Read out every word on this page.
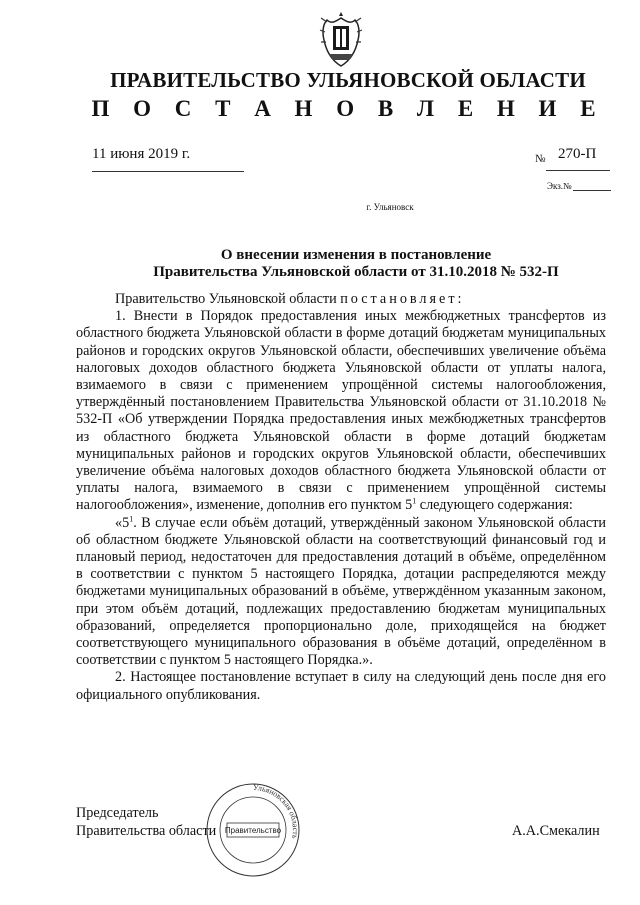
ПРАВИТЕЛЬСТВО УЛЬЯНОВСКОЙ ОБЛАСТИ
П О С Т А Н О В Л Е Н И Е
11 июня 2019 г.	№ 270-П
Экз.№
г. Ульяновск
О внесении изменения в постановление
Правительства Ульяновской области от 31.10.2018 № 532-П

Правительство Ульяновской области постановляет:

1. Внести в Порядок предоставления иных межбюджетных трансфертов из областного бюджета Ульяновской области в форме дотаций бюджетам муниципальных районов и городских округов Ульяновской области, обеспечивших увеличение объёма налоговых доходов областного бюджета Ульяновской области от уплаты налога, взимаемого в связи с применением упрощённой системы налогообложения, утверждённый постановлением Правительства Ульяновской области от 31.10.2018 № 532-П «Об утверждении Порядка предоставления иных межбюджетных трансфертов из областного бюджета Ульяновской области в форме дотаций бюджетам муниципальных районов и городских округов Ульяновской области, обеспечивших увеличение объёма налоговых доходов областного бюджета Ульяновской области от уплаты налога, взимаемого в связи с применением упрощённой системы налогообложения», изменение, дополнив его пунктом $5^1$ следующего содержания:

«$5^1$. В случае если объём дотаций, утверждённый законом Ульяновской области об областном бюджете Ульяновской области на соответствующий финансовый год и плановый период, недостаточен для предоставления дотаций в объёме, определённом в соответствии с пунктом 5 настоящего Порядка, дотации распределяются между бюджетами муниципальных образований в объёме, утверждённом указанным законом, при этом объём дотаций, подлежащих предоставлению бюджетам муниципальных образований, определяется пропорционально доле, приходящейся на бюджет соответствующего муниципального образования в объёме дотаций, определённом в соответствии с пунктом 5 настоящего Порядка.».

2. Настоящее постановление вступает в силу на следующий день после дня его официального опубликования.

Председатель
Правительства области	А.А.Смекалин
Ульяновская область
Правительство
